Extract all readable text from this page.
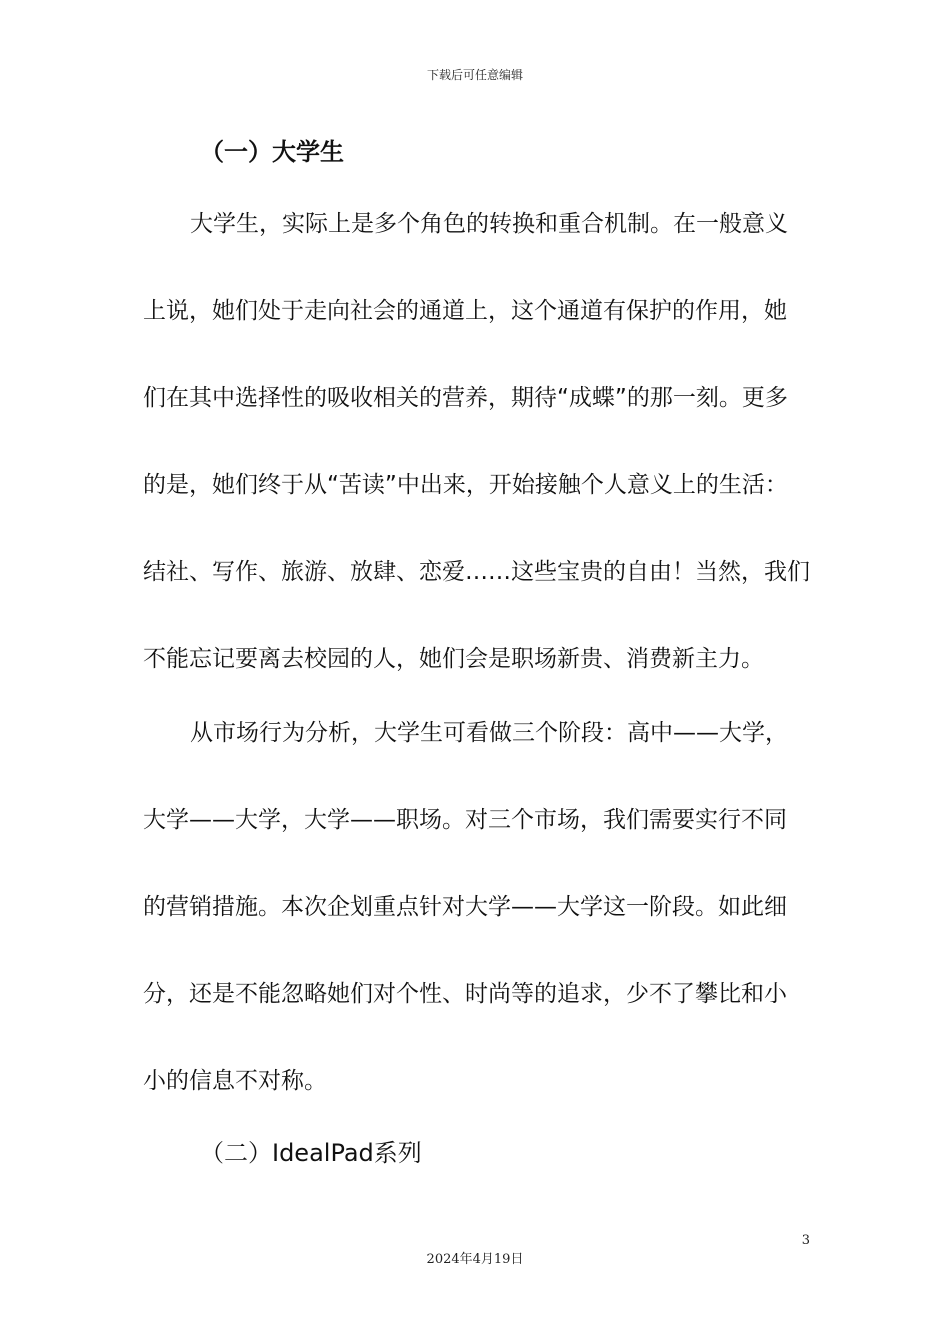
下载后可任意编辑
（一）大学生
大学生，实际上是多个角色的转换和重合机制。在一般意义
上说，她们处于走向社会的通道上，这个通道有保护的作用，她
们在其中选择性的吸收相关的营养，期待“成蝶”的那一刻。更多
的是，她们终于从“苦读”中出来，开始接触个人意义上的生活：
结社、写作、旅游、放肆、恋爱……这些宝贵的自由！当然，我们
不能忘记要离去校园的人，她们会是职场新贵、消费新主力。
从市场行为分析，大学生可看做三个阶段：高中——大学，
大学——大学，大学——职场。对三个市场，我们需要实行不同
的营销措施。本次企划重点针对大学——大学这一阶段。如此细
分，还是不能忽略她们对个性、时尚等的追求，少不了攀比和小
小的信息不对称。
（二）IdealPad系列
3
2024年4月19日
